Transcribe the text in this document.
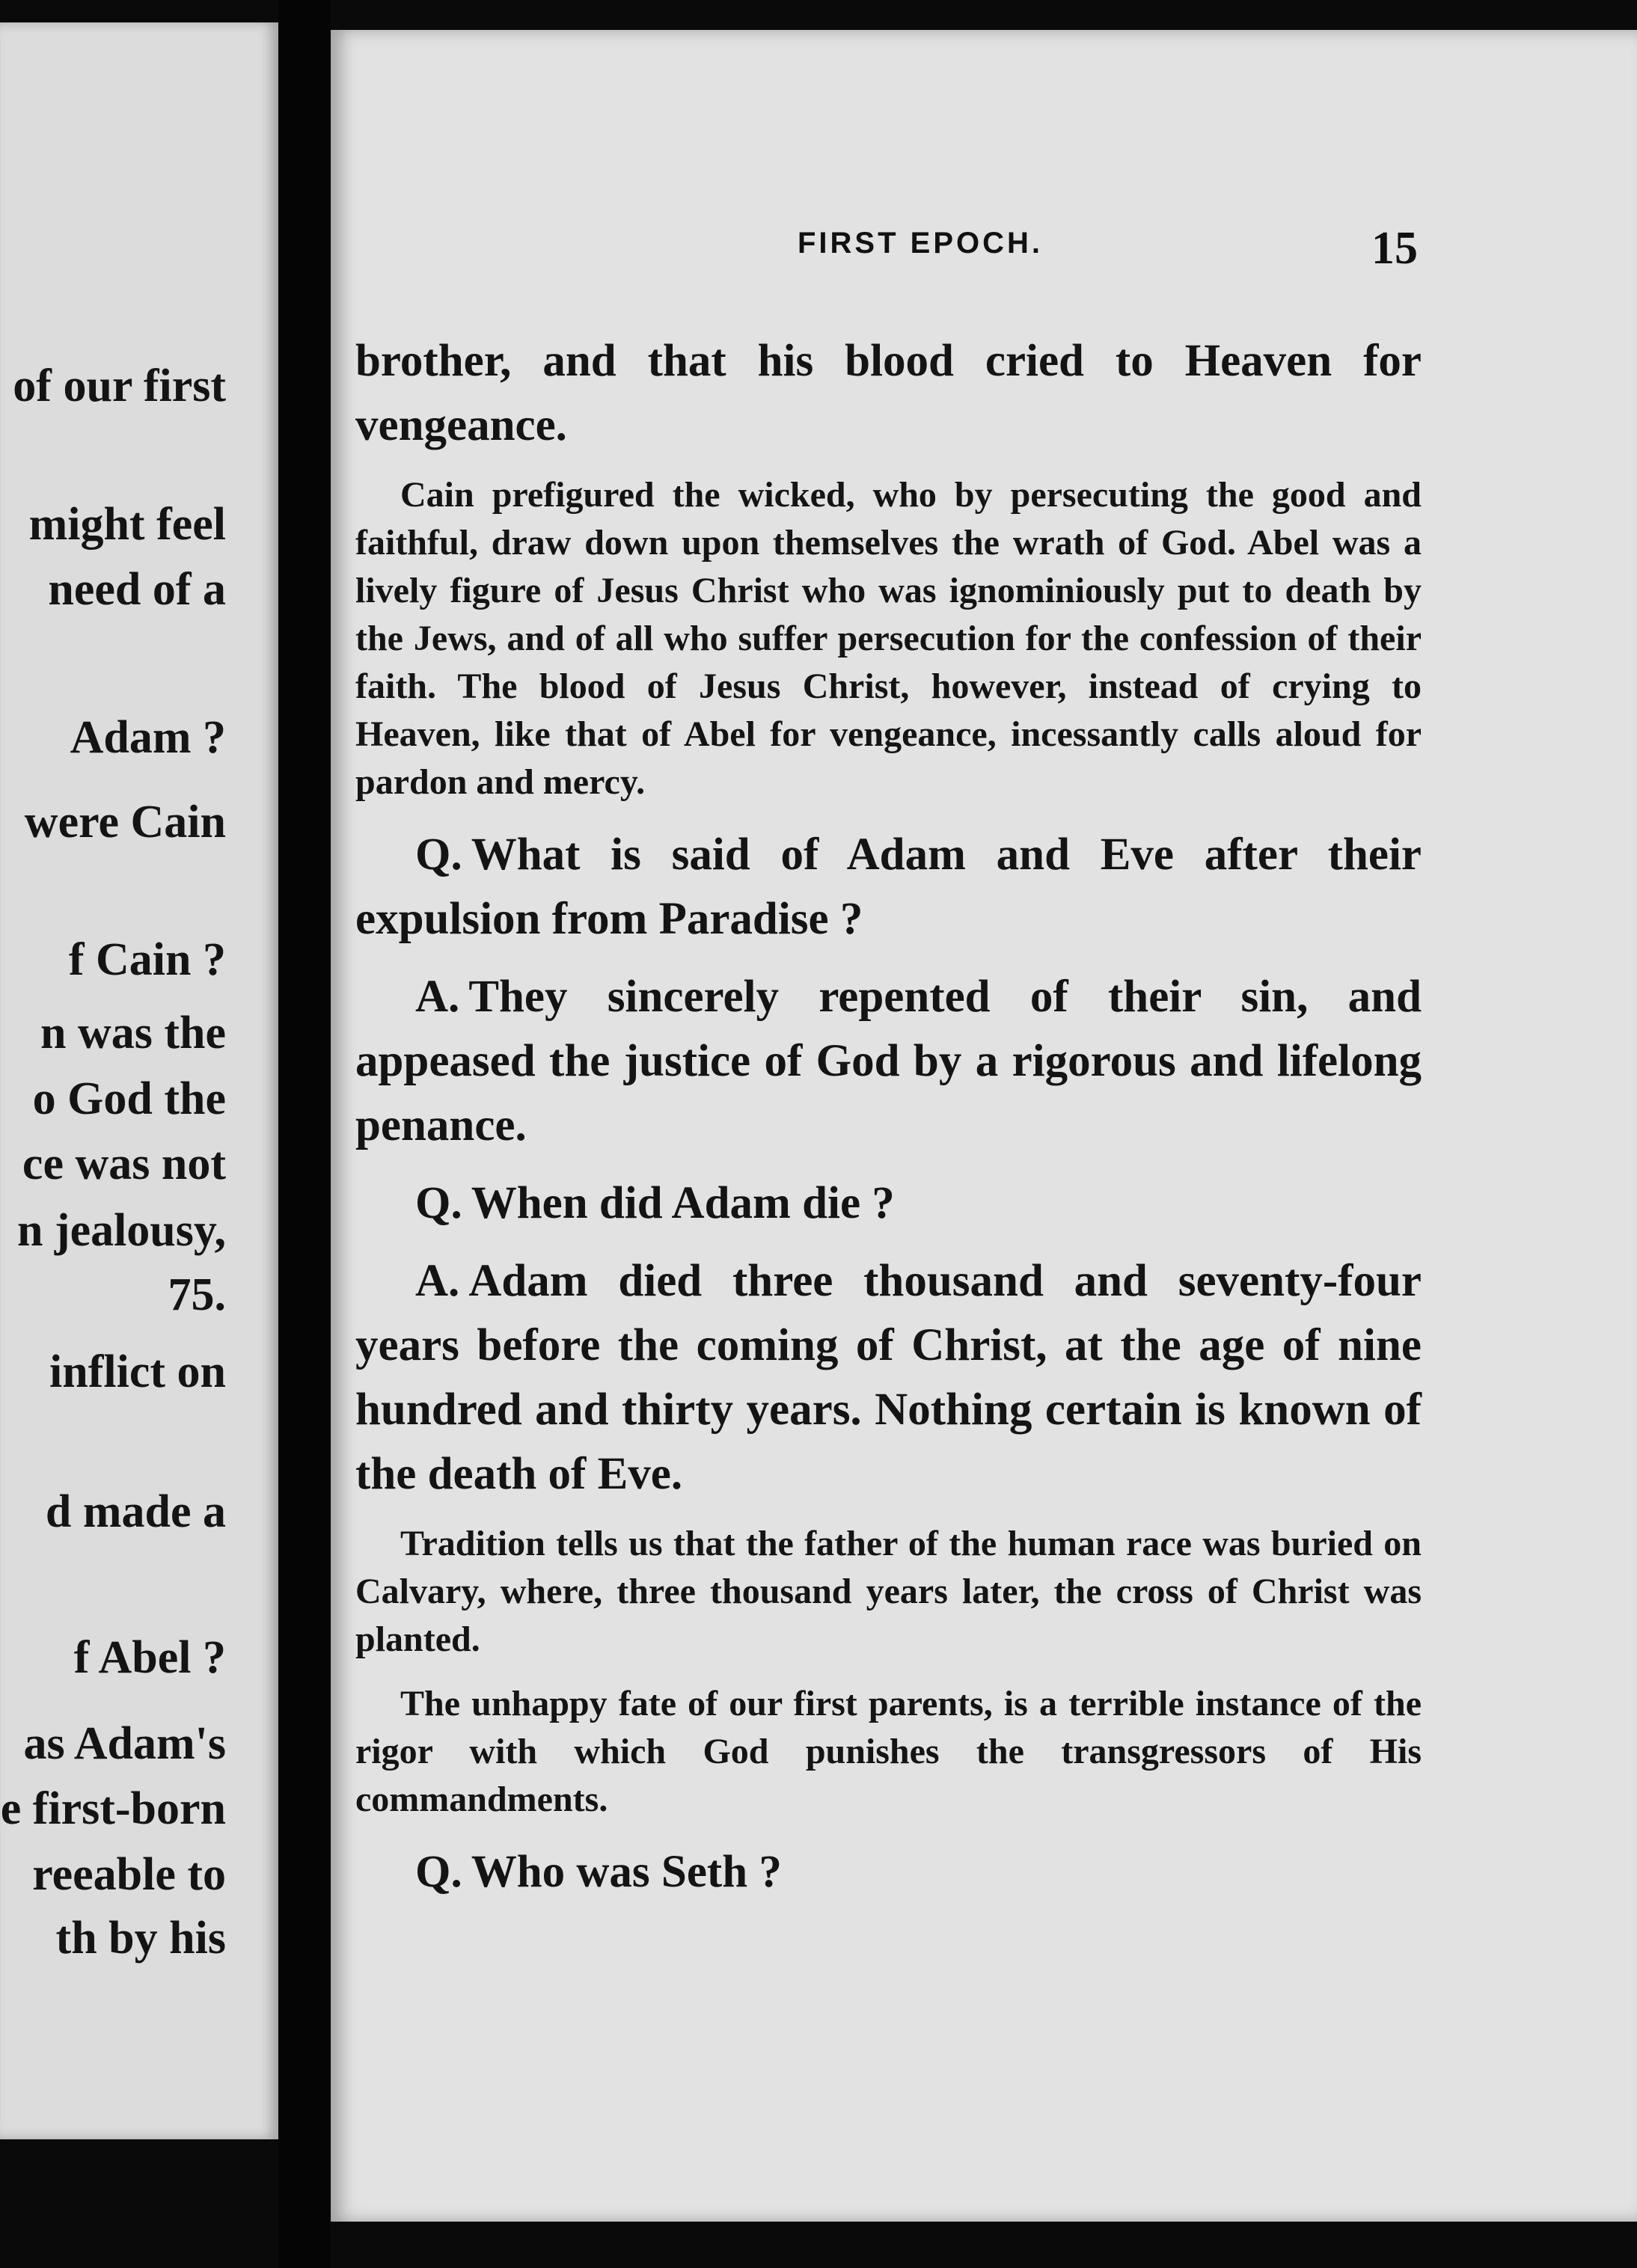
of our first
might feel
need of a
Adam ?
were Cain
f Cain ?
n was the
o God the
ce was not
n jealousy,
75.
inflict on
d made a
f Abel ?
as Adam's
e first-born
reeable to
th by his
FIRST EPOCH.	15

brother, and that his blood cried to Heaven for vengeance.

Cain prefigured the wicked, who by persecuting the good and faithful, draw down upon themselves the wrath of God. Abel was a lively figure of Jesus Christ who was ignominiously put to death by the Jews, and of all who suffer persecution for the confession of their faith. The blood of Jesus Christ, however, instead of crying to Heaven, like that of Abel for vengeance, incessantly calls aloud for pardon and mercy.

Q. What is said of Adam and Eve after their expulsion from Paradise ?

A. They sincerely repented of their sin, and appeased the justice of God by a rigorous and lifelong penance.

Q. When did Adam die ?

A. Adam died three thousand and seventy-four years before the coming of Christ, at the age of nine hundred and thirty years. Nothing certain is known of the death of Eve.

Tradition tells us that the father of the human race was buried on Calvary, where, three thousand years later, the cross of Christ was planted.

The unhappy fate of our first parents, is a terrible instance of the rigor with which God punishes the transgressors of His commandments.

Q. Who was Seth ?
